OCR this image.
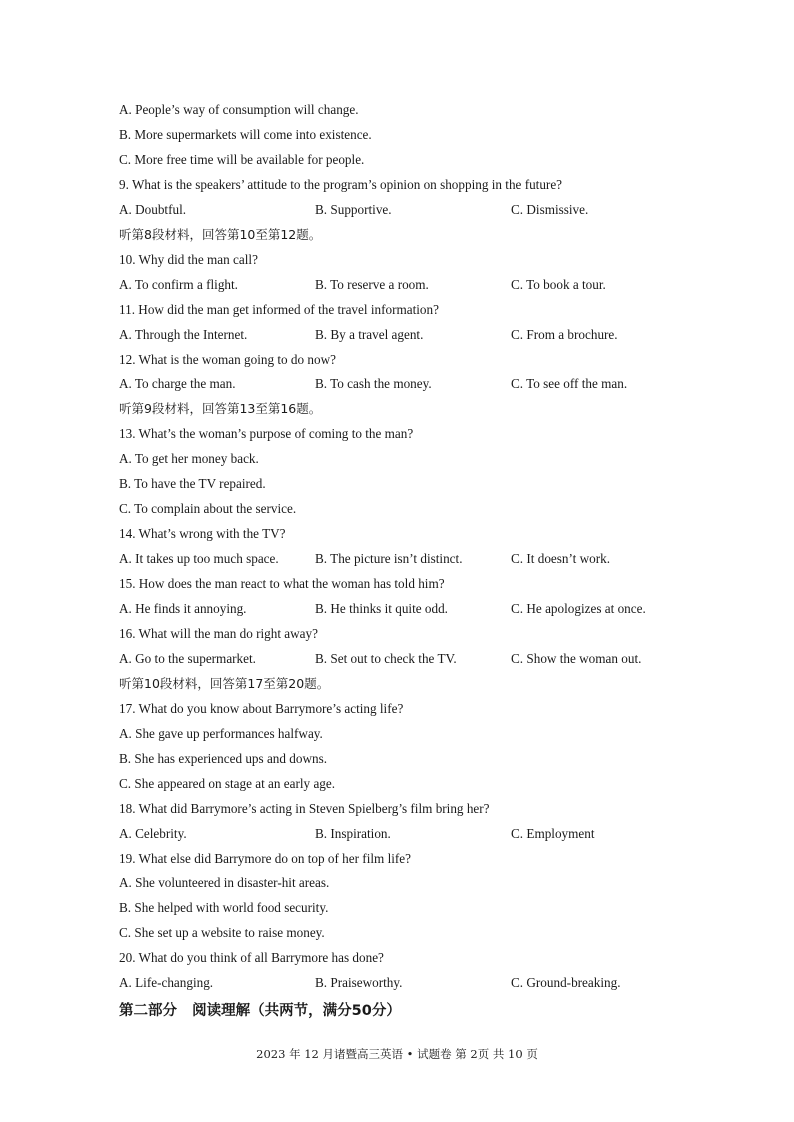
A. People’s way of consumption will change.
B. More supermarkets will come into existence.
C. More free time will be available for people.
9. What is the speakers’ attitude to the program’s opinion on shopping in the future?
A. Doubtful.	B. Supportive.	C. Dismissive.
听第8段材料，回答第10至第12题。
10. Why did the man call?
A. To confirm a flight.	B. To reserve a room.	C. To book a tour.
11. How did the man get informed of the travel information?
A. Through the Internet.	B. By a travel agent.	C. From a brochure.
12. What is the woman going to do now?
A. To charge the man.	B. To cash the money.	C. To see off the man.
听第9段材料，回答第13至第16题。
13. What’s the woman’s purpose of coming to the man?
A. To get her money back.
B. To have the TV repaired.
C. To complain about the service.
14. What’s wrong with the TV?
A. It takes up too much space.	B. The picture isn’t distinct.	C. It doesn’t work.
15. How does the man react to what the woman has told him?
A. He finds it annoying.	B. He thinks it quite odd.	C. He apologizes at once.
16. What will the man do right away?
A. Go to the supermarket.	B. Set out to check the TV.	C. Show the woman out.
听第10段材料，回答第17至第20题。
17. What do you know about Barrymore’s acting life?
A. She gave up performances halfway.
B. She has experienced ups and downs.
C. She appeared on stage at an early age.
18. What did Barrymore’s acting in Steven Spielberg’s film bring her?
A. Celebrity.	B. Inspiration.	C. Employment
19. What else did Barrymore do on top of her film life?
A. She volunteered in disaster-hit areas.
B. She helped with world food security.
C. She set up a website to raise money.
20. What do you think of all Barrymore has done?
A. Life-changing.	B. Praiseworthy.	C. Ground-breaking.
第二部分   阅读理解（共两节，满分50分）
2023 年 12 月诸暨高三英语 • 试题卷 第 2页 共 10 页
